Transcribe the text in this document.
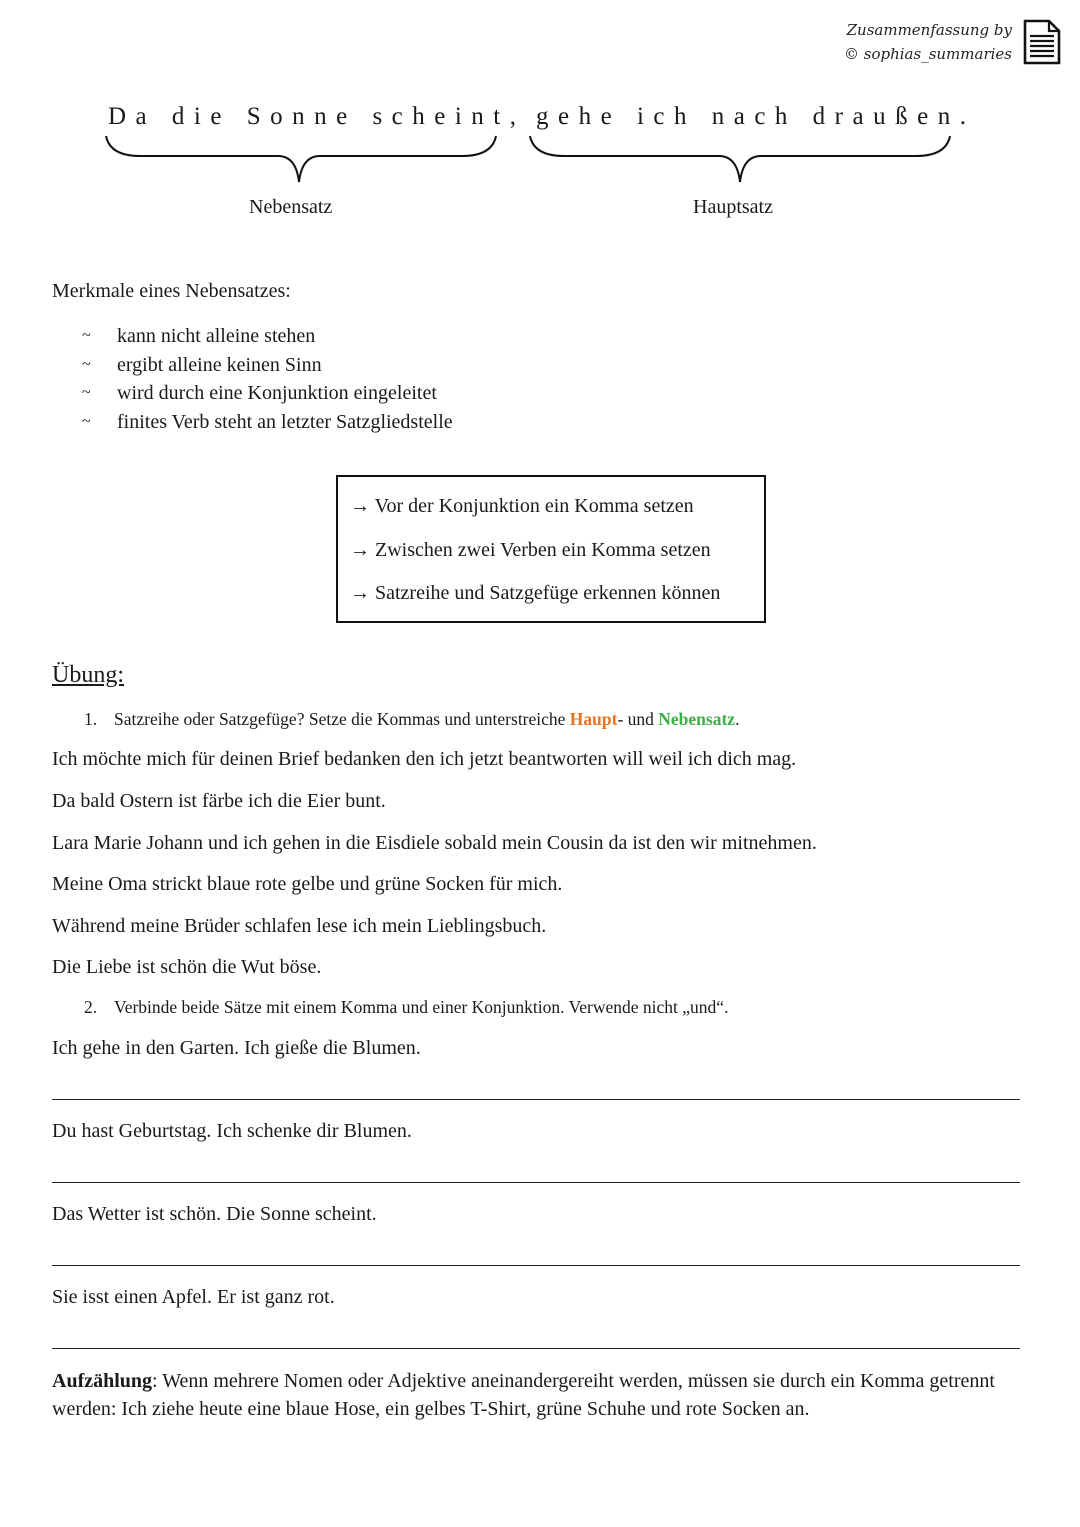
Zusammenfassung by
© sophias_summaries
Da die Sonne scheint, gehe ich nach draußen.
Nebensatz	Hauptsatz
Merkmale eines Nebensatzes:
~	kann nicht alleine stehen
~	ergibt alleine keinen Sinn
~	wird durch eine Konjunktion eingeleitet
~	finites Verb steht an letzter Satzgliedstelle
→ Vor der Konjunktion ein Komma setzen
→ Zwischen zwei Verben ein Komma setzen
→ Satzreihe und Satzgefüge erkennen können
Übung:
1. Satzreihe oder Satzgefüge? Setze die Kommas und unterstreiche Haupt- und Nebensatz.
Ich möchte mich für deinen Brief bedanken den ich jetzt beantworten will weil ich dich mag.
Da bald Ostern ist färbe ich die Eier bunt.
Lara Marie Johann und ich gehen in die Eisdiele sobald mein Cousin da ist den wir mitnehmen.
Meine Oma strickt blaue rote gelbe und grüne Socken für mich.
Während meine Brüder schlafen lese ich mein Lieblingsbuch.
Die Liebe ist schön die Wut böse.
2. Verbinde beide Sätze mit einem Komma und einer Konjunktion. Verwende nicht „und“.
Ich gehe in den Garten. Ich gieße die Blumen.
Du hast Geburtstag. Ich schenke dir Blumen.
Das Wetter ist schön. Die Sonne scheint.
Sie isst einen Apfel. Er ist ganz rot.
Aufzählung: Wenn mehrere Nomen oder Adjektive aneinandergereiht werden, müssen sie durch ein Komma getrennt werden: Ich ziehe heute eine blaue Hose, ein gelbes T-Shirt, grüne Schuhe und rote Socken an.
